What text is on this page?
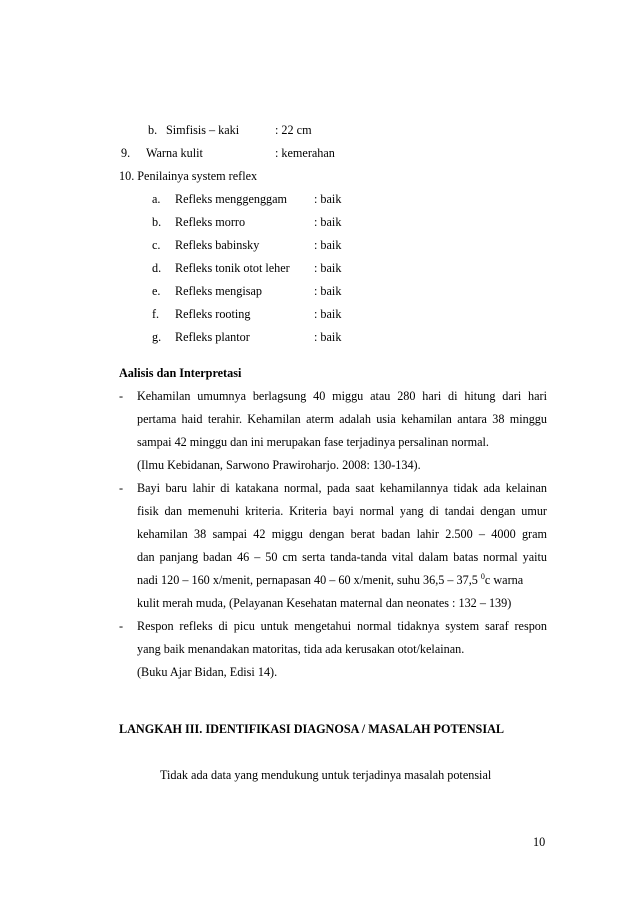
b. Simfisis – kaki	: 22 cm
9. Warna kulit	: kemerahan
10. Penilainya system reflex
a. Refleks menggenggam : baik
b. Refleks morro	: baik
c. Refleks babinsky	: baik
d. Refleks tonik otot leher : baik
e. Refleks mengisap	: baik
f. Refleks rooting	: baik
g. Refleks plantor	: baik
Aalisis dan Interpretasi
- Kehamilan umumnya berlagsung 40 miggu atau 280 hari di hitung dari hari
pertama haid terahir. Kehamilan aterm adalah usia kehamilan antara 38 minggu
sampai 42 minggu dan ini merupakan fase terjadinya persalinan normal.
(Ilmu Kebidanan, Sarwono Prawiroharjo. 2008: 130-134).
- Bayi baru lahir di katakana normal, pada saat kehamilannya tidak ada kelainan
fisik dan memenuhi kriteria. Kriteria bayi normal yang di tandai dengan umur
kehamilan 38 sampai 42 miggu dengan berat badan lahir 2.500 – 4000 gram
dan panjang badan 46 – 50 cm serta tanda-tanda vital dalam batas normal yaitu
nadi 120 – 160 x/menit, pernapasan 40 – 60 x/menit, suhu 36,5 – 37,5 $^0$c warna
kulit merah muda, (Pelayanan Kesehatan maternal dan neonates : 132 – 139)
- Respon refleks di picu untuk mengetahui normal tidaknya system saraf respon
yang baik menandakan matoritas, tida ada kerusakan otot/kelainan.
(Buku Ajar Bidan, Edisi 14).
LANGKAH III. IDENTIFIKASI DIAGNOSA / MASALAH POTENSIAL
Tidak ada data yang mendukung untuk terjadinya masalah potensial
10
